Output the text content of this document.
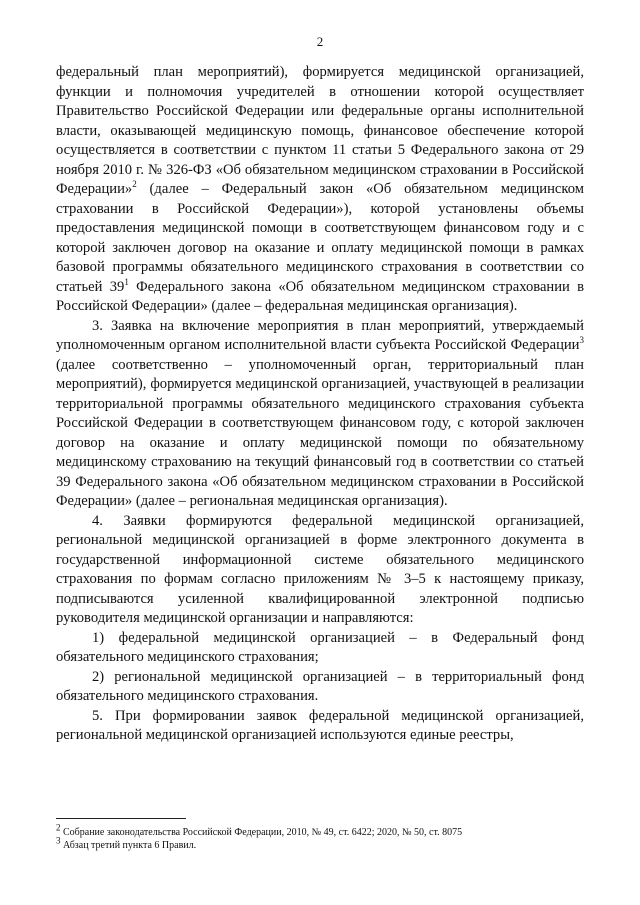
2

федеральный план мероприятий), формируется медицинской организацией, функции и полномочия учредителей в отношении которой осуществляет Правительство Российской Федерации или федеральные органы исполнительной власти, оказывающей медицинскую помощь, финансовое обеспечение которой осуществляется в соответствии с пунктом 11 статьи 5 Федерального закона от 29 ноября 2010 г. № 326-ФЗ «Об обязательном медицинском страховании в Российской Федерации»$^2$ (далее – Федеральный закон «Об обязательном медицинском страховании в Российской Федерации»), которой установлены объемы предоставления медицинской помощи в соответствующем финансовом году и с которой заключен договор на оказание и оплату медицинской помощи в рамках базовой программы обязательного медицинского страхования в соответствии со статьей $39^1$ Федерального закона «Об обязательном медицинском страховании в Российской Федерации» (далее – федеральная медицинская организация).

3. Заявка на включение мероприятия в план мероприятий, утверждаемый уполномоченным органом исполнительной власти субъекта Российской Федерации$^3$ (далее соответственно – уполномоченный орган, территориальный план мероприятий), формируется медицинской организацией, участвующей в реализации территориальной программы обязательного медицинского страхования субъекта Российской Федерации в соответствующем финансовом году, с которой заключен договор на оказание и оплату медицинской помощи по обязательному медицинскому страхованию на текущий финансовый год в соответствии со статьей 39 Федерального закона «Об обязательном медицинском страховании в Российской Федерации» (далее – региональная медицинская организация).

4. Заявки формируются федеральной медицинской организацией, региональной медицинской организацией в форме электронного документа в государственной информационной системе обязательного медицинского страхования по формам согласно приложениям № 3–5 к настоящему приказу, подписываются усиленной квалифицированной электронной подписью руководителя медицинской организации и направляются:

1) федеральной медицинской организацией – в Федеральный фонд обязательного медицинского страхования;

2) региональной медицинской организацией – в территориальный фонд обязательного медицинского страхования.

5. При формировании заявок федеральной медицинской организацией, региональной медицинской организацией используются единые реестры,

$^2$ Собрание законодательства Российской Федерации, 2010, № 49, ст. 6422; 2020, № 50, ст. 8075

$^3$ Абзац третий пункта 6 Правил.
